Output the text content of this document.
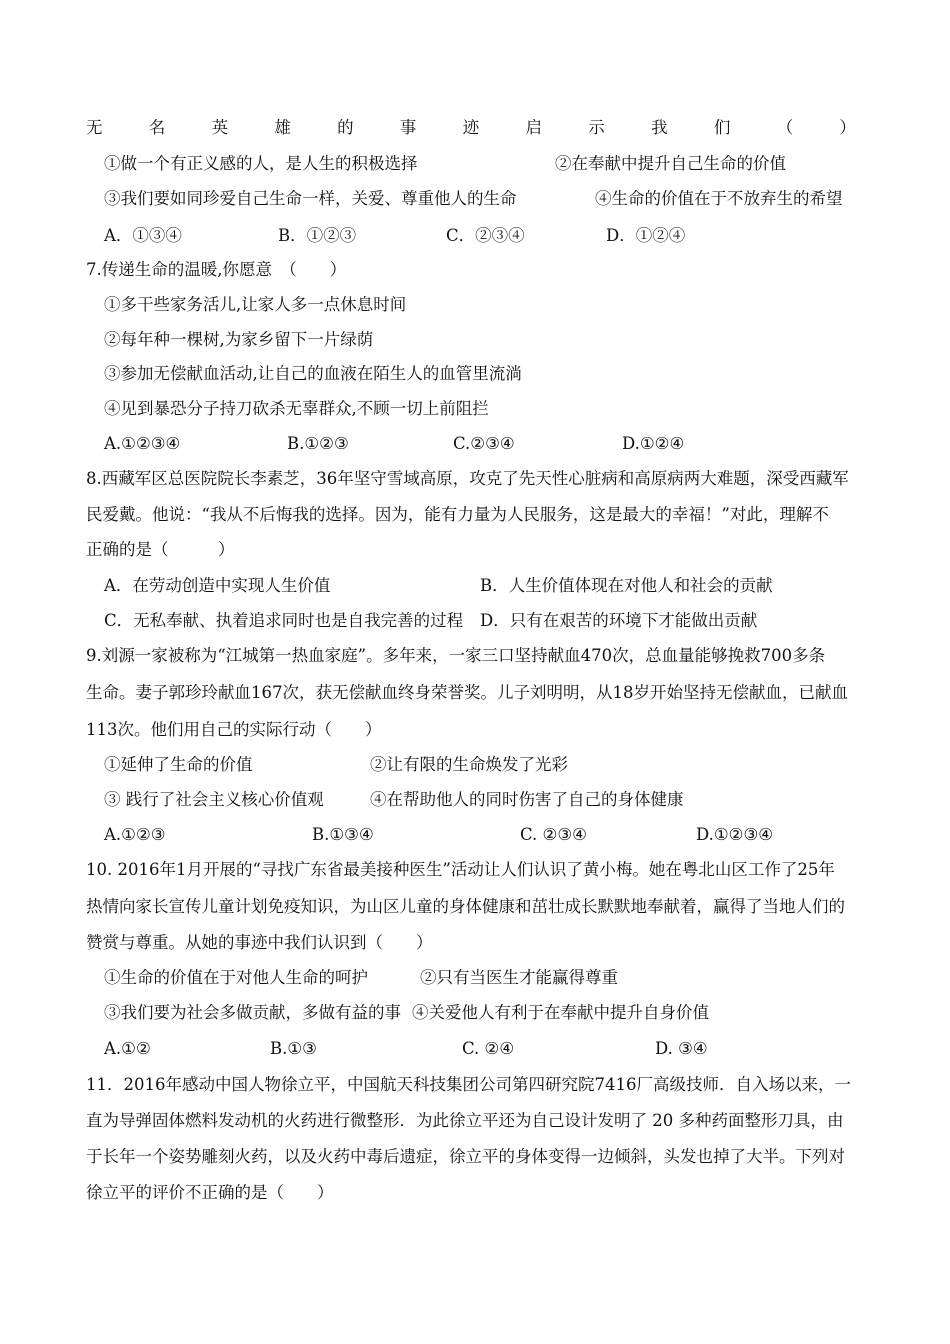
无	名	英	雄	的	事	迹	启	示	我	们	（	）
①做一个有正义感的人，是人生的积极选择	②在奉献中提升自己生命的价值
③我们要如同珍爱自己生命一样，关爱、尊重他人的生命	④生命的价值在于不放弃生的希望
A．①③④	B．①②③	C．②③④	D．①②④
7.传递生命的温暖,你愿意　（　　）
①多干些家务活儿,让家人多一点休息时间
②每年种一棵树,为家乡留下一片绿荫
③参加无偿献血活动,让自己的血液在陌生人的血管里流淌
④见到暴恐分子持刀砍杀无辜群众,不顾一切上前阻拦
A.①②③④	B.①②③	C.②③④	D.①②④
8.西藏军区总医院院长李素芝，36年坚守雪域高原，攻克了先天性心脏病和高原病两大难题，深受西藏军
民爱戴。他说：“我从不后悔我的选择。因为，能有力量为人民服务，这是最大的幸福！”对此，理解不
正确的是（　　　）
A．在劳动创造中实现人生价值	B．人生价值体现在对他人和社会的贡献
C．无私奉献、执着追求同时也是自我完善的过程 D．只有在艰苦的环境下才能做出贡献
9.刘源一家被称为“江城第一热血家庭”。多年来，一家三口坚持献血470次，总血量能够挽救700多条
生命。妻子郭珍玲献血167次，获无偿献血终身荣誉奖。儿子刘明明，从18岁开始坚持无偿献血，已献血
113次。他们用自己的实际行动（　　）
①延伸了生命的价值	②让有限的生命焕发了光彩
③ 践行了社会主义核心价值观	④在帮助他人的同时伤害了自己的身体健康
A.①②③	B.①③④	C. ②③④	D.①②③④
10. 2016年1月开展的“寻找广东省最美接种医生”活动让人们认识了黄小梅。她在粤北山区工作了25年
热情向家长宣传儿童计划免疫知识，为山区儿童的身体健康和茁壮成长默默地奉献着，赢得了当地人们的
赞赏与尊重。从她的事迹中我们认识到（　　）
①生命的价值在于对他人生命的呵护	②只有当医生才能赢得尊重
③我们要为社会多做贡献，多做有益的事 ④关爱他人有利于在奉献中提升自身价值
A.①②	B.①③	C. ②④	D. ③④
11．2016年感动中国人物徐立平，中国航天科技集团公司第四研究院7416厂高级技师．自入场以来，一
直为导弹固体燃料发动机的火药进行微整形．为此徐立平还为自己设计发明了 20 多种药面整形刀具，由
于长年一个姿势雕刻火药，以及火药中毒后遗症，徐立平的身体变得一边倾斜，头发也掉了大半。下列对
徐立平的评价不正确的是（　　）
